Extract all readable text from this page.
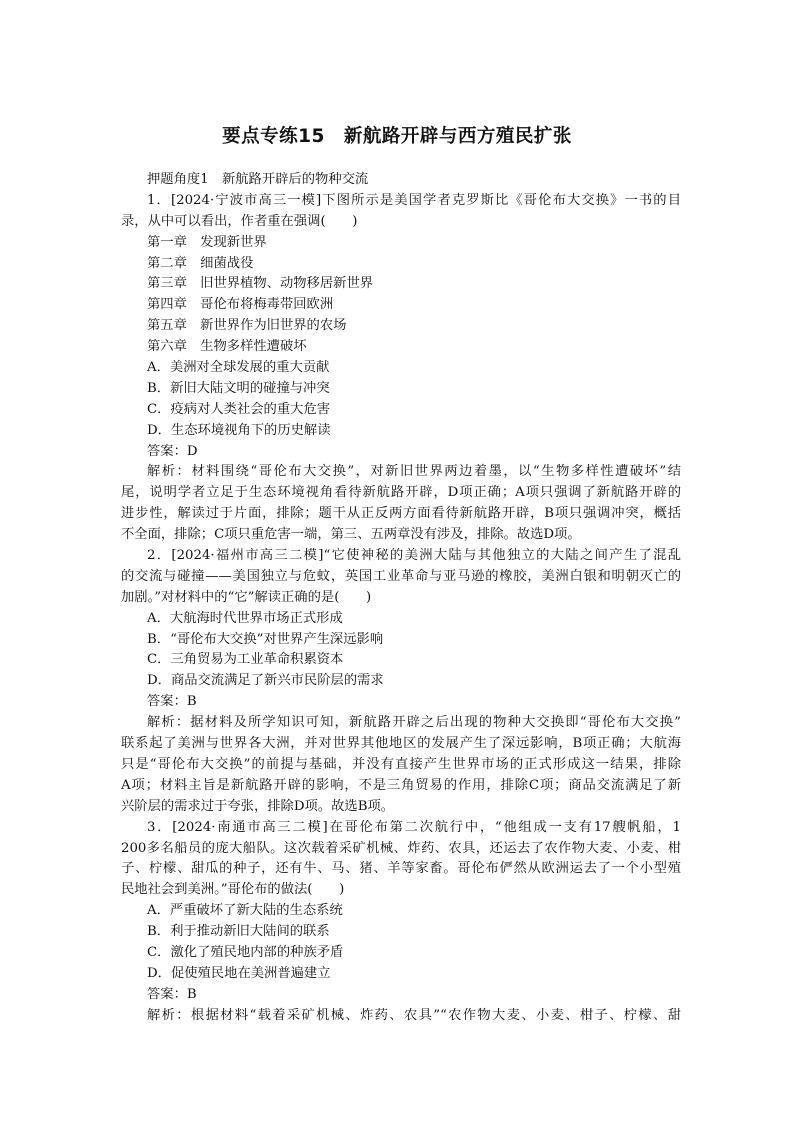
要点专练15　新航路开辟与西方殖民扩张
押题角度1　新航路开辟后的物种交流
1．[2024·宁波市高三一模]下图所示是美国学者克罗斯比《哥伦布大交换》一书的目
录，从中可以看出，作者重在强调(　　)
第一章　发现新世界
第二章　细菌战役
第三章　旧世界植物、动物移居新世界
第四章　哥伦布将梅毒带回欧洲
第五章　新世界作为旧世界的农场
第六章　生物多样性遭破坏
A．美洲对全球发展的重大贡献
B．新旧大陆文明的碰撞与冲突
C．疫病对人类社会的重大危害
D．生态环境视角下的历史解读
答案：D
解析：材料围绕“哥伦布大交换”，对新旧世界两边着墨，以“生物多样性遭破坏”结
尾，说明学者立足于生态环境视角看待新航路开辟，D项正确；A项只强调了新航路开辟的
进步性，解读过于片面，排除；题干从正反两方面看待新航路开辟，B项只强调冲突，概括
不全面，排除；C项只重危害一端，第三、五两章没有涉及，排除。故选D项。
2．[2024·福州市高三二模]“它使神秘的美洲大陆与其他独立的大陆之间产生了混乱
的交流与碰撞——美国独立与危蚊，英国工业革命与亚马逊的橡胶，美洲白银和明朝灭亡的
加剧。”对材料中的“它”解读正确的是(　　)
A．大航海时代世界市场正式形成
B．“哥伦布大交换”对世界产生深远影响
C．三角贸易为工业革命积累资本
D．商品交流满足了新兴市民阶层的需求
答案：B
解析：据材料及所学知识可知，新航路开辟之后出现的物种大交换即“哥伦布大交换”
联系起了美洲与世界各大洲，并对世界其他地区的发展产生了深远影响，B项正确；大航海
只是“哥伦布大交换”的前提与基础，并没有直接产生世界市场的正式形成这一结果，排除
A项；材料主旨是新航路开辟的影响，不是三角贸易的作用，排除C项；商品交流满足了新
兴阶层的需求过于夸张，排除D项。故选B项。
3．[2024·南通市高三二模]在哥伦布第二次航行中，“他组成一支有17艘帆船，1
200多名船员的庞大船队。这次载着采矿机械、炸药、农具，还运去了农作物大麦、小麦、柑
子、柠檬、甜瓜的种子，还有牛、马、猪、羊等家畜。哥伦布俨然从欧洲运去了一个小型殖
民地社会到美洲。”哥伦布的做法(　　)
A．严重破坏了新大陆的生态系统
B．利于推动新旧大陆间的联系
C．激化了殖民地内部的种族矛盾
D．促使殖民地在美洲普遍建立
答案：B
解析：根据材料“载着采矿机械、炸药、农具”“农作物大麦、小麦、柑子、柠檬、甜
